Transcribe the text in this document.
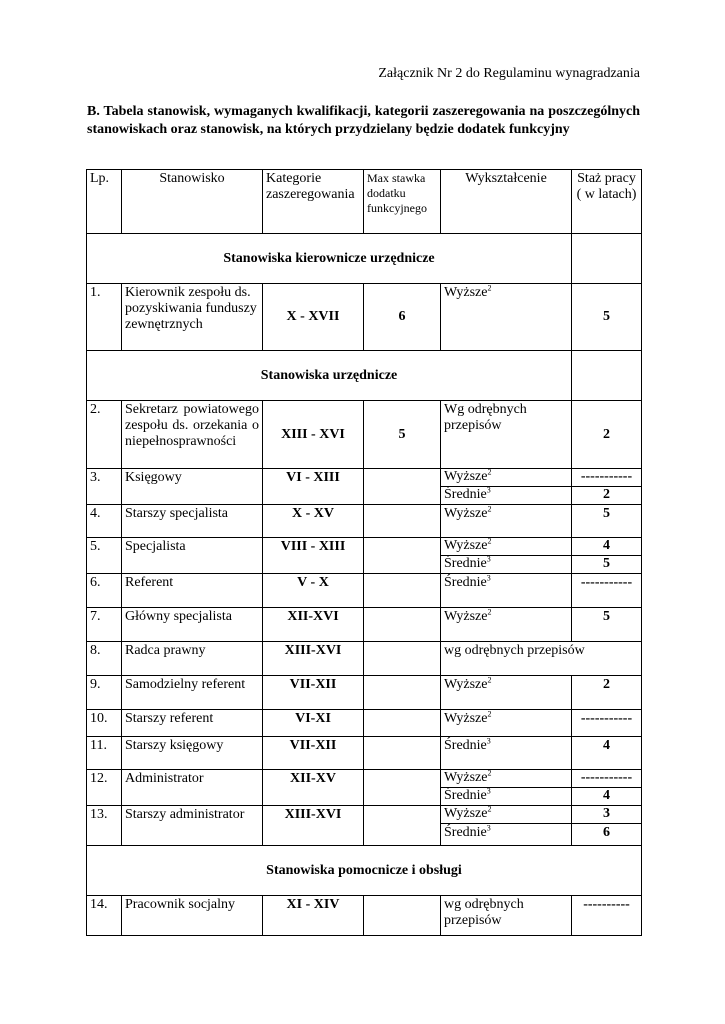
Załącznik Nr 2 do Regulaminu wynagradzania
B. Tabela stanowisk, wymaganych kwalifikacji, kategorii zaszeregowania na poszczególnych stanowiskach oraz stanowisk, na których przydzielany będzie dodatek funkcyjny
Lp.	Stanowisko	Kategorie zaszeregowania	Max stawka dodatku funkcyjnego	Wykształcenie	Staż pracy ( w latach)

Stanowiska kierownicze urzędnicze					
1.	Kierownik zespołu ds. pozyskiwania funduszy zewnętrznych	X - XVII	6	Wyższe$^2$	5
Stanowiska urzędnicze					
2.	Sekretarz powiatowego zespołu ds. orzekania o niepełnosprawności	XIII - XVI	5	Wg odrębnych przepisów	2
3.	Księgowy	VI - XIII		Wyższe$^2$	-----------
				Średnie$^3$	2
4.	Starszy specjalista	X - XV		Wyższe$^2$	5
5.	Specjalista	VIII - XIII		Wyższe$^2$	4
				Średnie$^3$	5
6.	Referent	V - X		Średnie$^3$	-----------
7.	Główny specjalista	XII-XVI		Wyższe$^2$	5
8.	Radca prawny	XIII-XVI		wg odrębnych przepisów	
9.	Samodzielny referent	VII-XII		Wyższe$^2$	2
10.	Starszy referent	VI-XI		Wyższe$^2$	-----------
11.	Starszy księgowy	VII-XII		Średnie$^3$	4
12.	Administrator	XII-XV		Wyższe$^2$	-----------
				Średnie$^3$	4
13.	Starszy administrator	XIII-XVI		Wyższe$^2$	3
				Średnie$^3$	6
Stanowiska pomocnicze i obsługi					
14.	Pracownik socjalny	XI - XIV		wg odrębnych przepisów	----------
